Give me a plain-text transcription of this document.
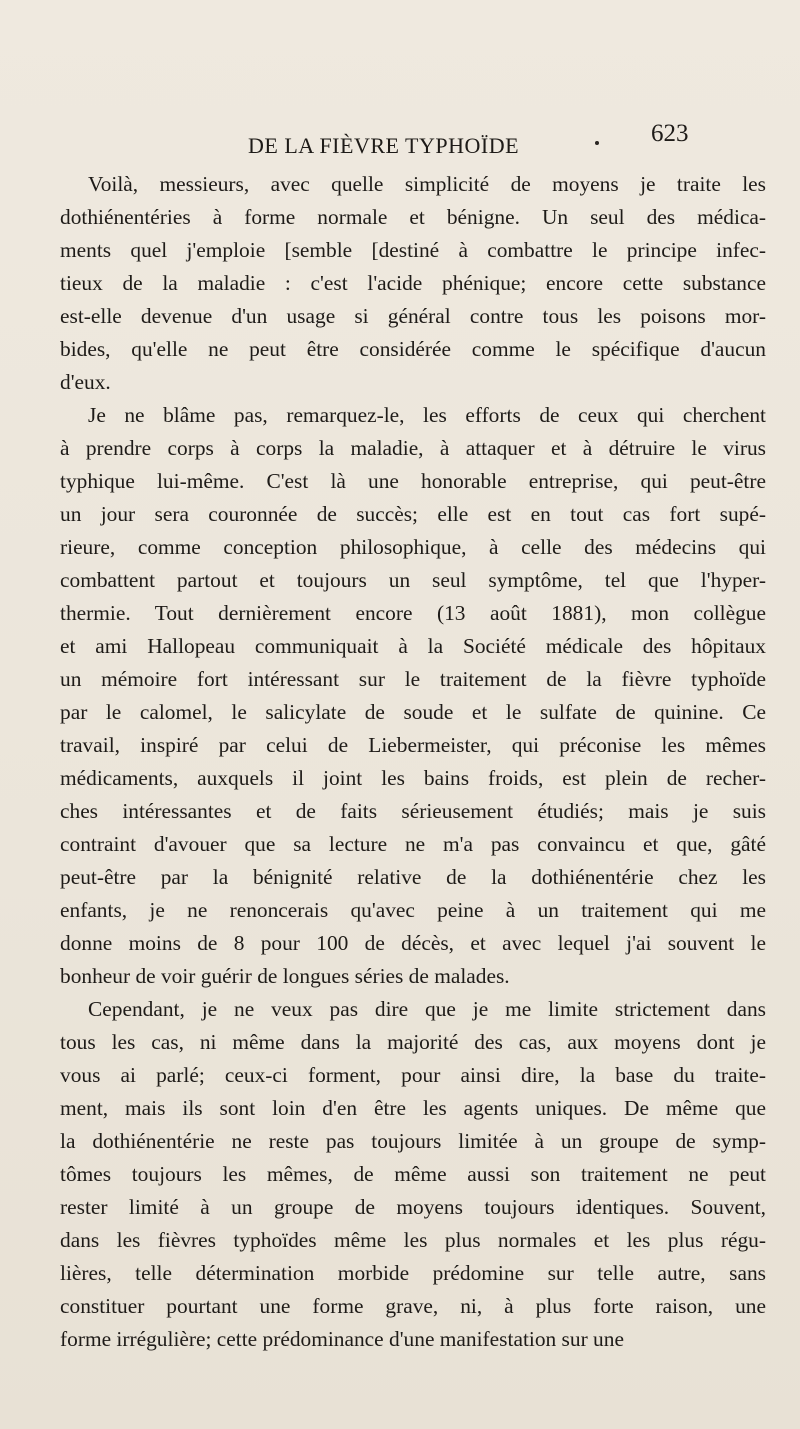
DE LA FIÈVRE TYPHOÏDE	623
Voilà, messieurs, avec quelle simplicité de moyens je traite les
dothiénentéries à forme normale et bénigne. Un seul des médica-
ments quel j'emploie [semble [destiné à combattre le principe infec-
tieux de la maladie : c'est l'acide phénique; encore cette substance
est-elle devenue d'un usage si général contre tous les poisons mor-
bides, qu'elle ne peut être considérée comme le spécifique d'aucun
d'eux.
Je ne blâme pas, remarquez-le, les efforts de ceux qui cherchent
à prendre corps à corps la maladie, à attaquer et à détruire le virus
typhique lui-même. C'est là une honorable entreprise, qui peut-être
un jour sera couronnée de succès; elle est en tout cas fort supé-
rieure, comme conception philosophique, à celle des médecins qui
combattent partout et toujours un seul symptôme, tel que l'hyper-
thermie. Tout dernièrement encore (13 août 1881), mon collègue
et ami Hallopeau communiquait à la Société médicale des hôpitaux
un mémoire fort intéressant sur le traitement de la fièvre typhoïde
par le calomel, le salicylate de soude et le sulfate de quinine. Ce
travail, inspiré par celui de Liebermeister, qui préconise les mêmes
médicaments, auxquels il joint les bains froids, est plein de recher-
ches intéressantes et de faits sérieusement étudiés; mais je suis
contraint d'avouer que sa lecture ne m'a pas convaincu et que, gâté
peut-être par la bénignité relative de la dothiénentérie chez les
enfants, je ne renoncerais qu'avec peine à un traitement qui me
donne moins de 8 pour 100 de décès, et avec lequel j'ai souvent le
bonheur de voir guérir de longues séries de malades.
Cependant, je ne veux pas dire que je me limite strictement dans
tous les cas, ni même dans la majorité des cas, aux moyens dont je
vous ai parlé; ceux-ci forment, pour ainsi dire, la base du traite-
ment, mais ils sont loin d'en être les agents uniques. De même que
la dothiénentérie ne reste pas toujours limitée à un groupe de symp-
tômes toujours les mêmes, de même aussi son traitement ne peut
rester limité à un groupe de moyens toujours identiques. Souvent,
dans les fièvres typhoïdes même les plus normales et les plus régu-
lières, telle détermination morbide prédomine sur telle autre, sans
constituer pourtant une forme grave, ni, à plus forte raison, une
forme irrégulière; cette prédominance d'une manifestation sur une
